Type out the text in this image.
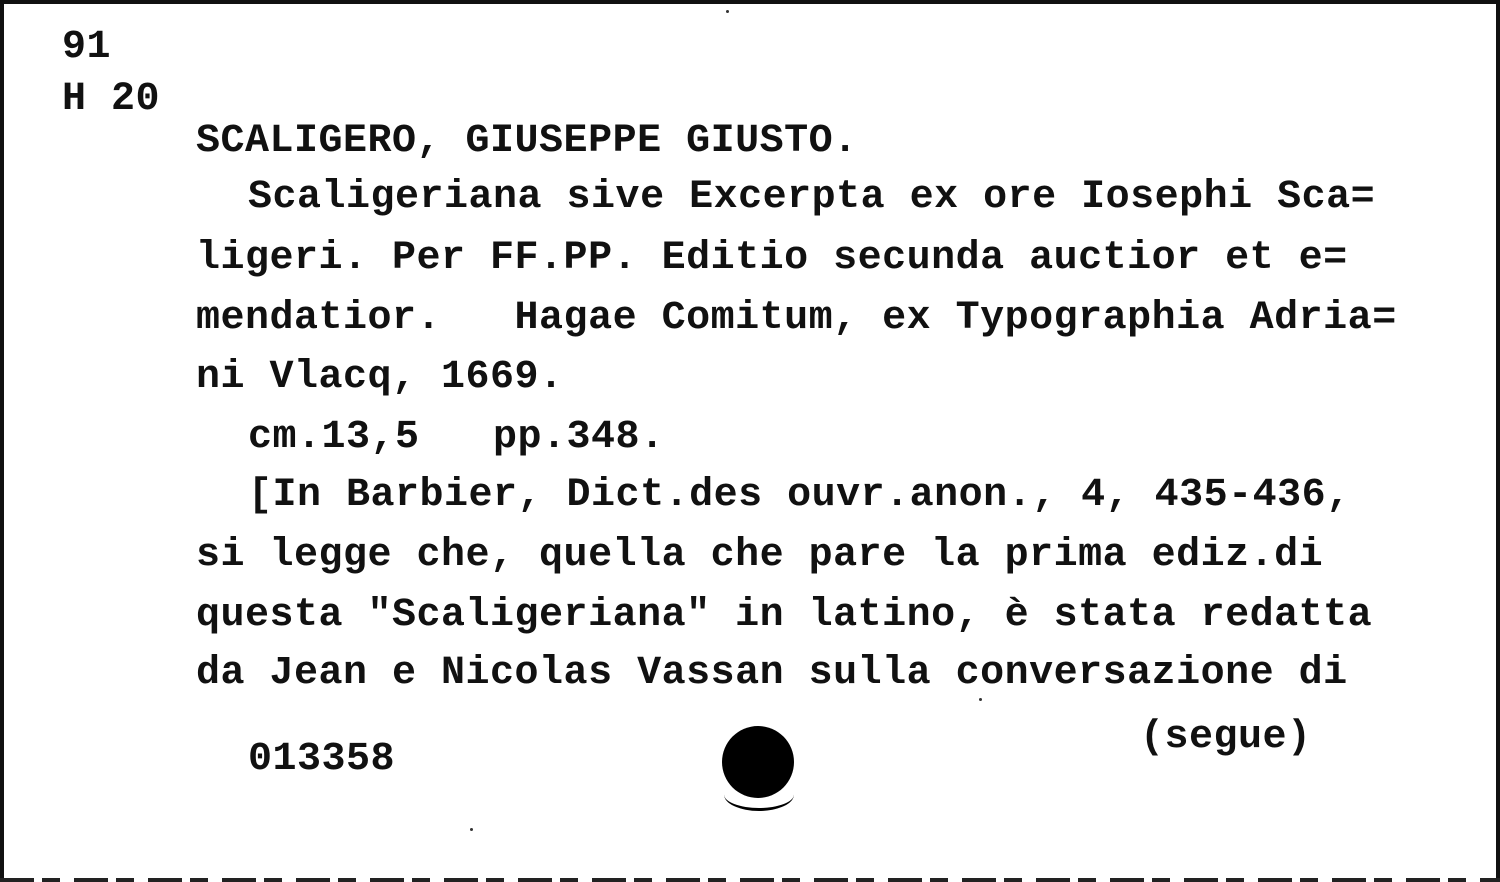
91
H 20
SCALIGERO, GIUSEPPE GIUSTO.
Scaligeriana sive Excerpta ex ore Iosephi Sca=
ligeri. Per FF.PP. Editio secunda auctior et e=
mendatior.   Hagae Comitum, ex Typographia Adria=
ni Vlacq, 1669.
cm.13,5   pp.348.
[In Barbier, Dict.des ouvr.anon., 4, 435-436,
si legge che, quella che pare la prima ediz.di
questa "Scaligeriana" in latino, è stata redatta
da Jean e Nicolas Vassan sulla conversazione di
(segue)
013358
